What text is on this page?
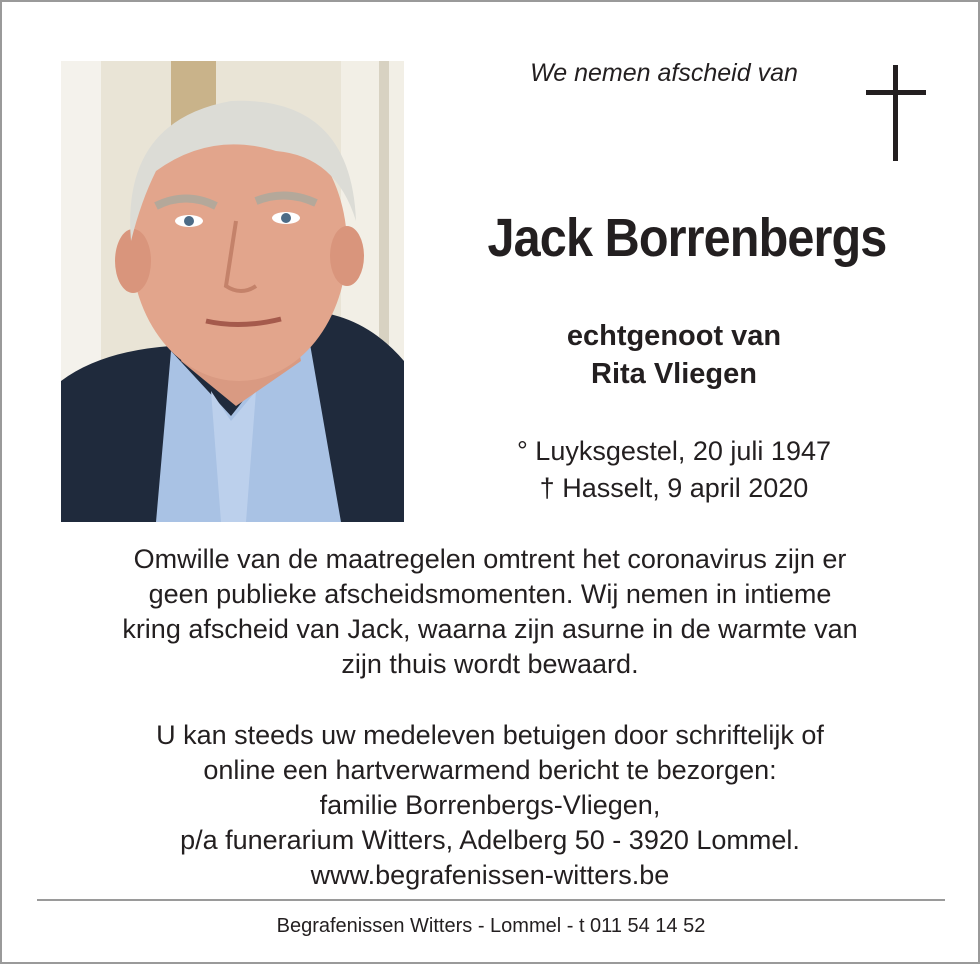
We nemen afscheid van
Jack Borrenbergs
echtgenoot van
Rita Vliegen
° Luyksgestel, 20 juli 1947
† Hasselt, 9 april 2020
Omwille van de maatregelen omtrent het coronavirus zijn er
geen publieke afscheidsmomenten. Wij nemen in intieme
kring afscheid van Jack, waarna zijn asurne in de warmte van
zijn thuis wordt bewaard.
U kan steeds uw medeleven betuigen door schriftelijk of
online een hartverwarmend bericht te bezorgen:
familie Borrenbergs-Vliegen,
p/a funerarium Witters, Adelberg 50 - 3920 Lommel.
www.begrafenissen-witters.be
Begrafenissen Witters - Lommel - t 011 54 14 52
